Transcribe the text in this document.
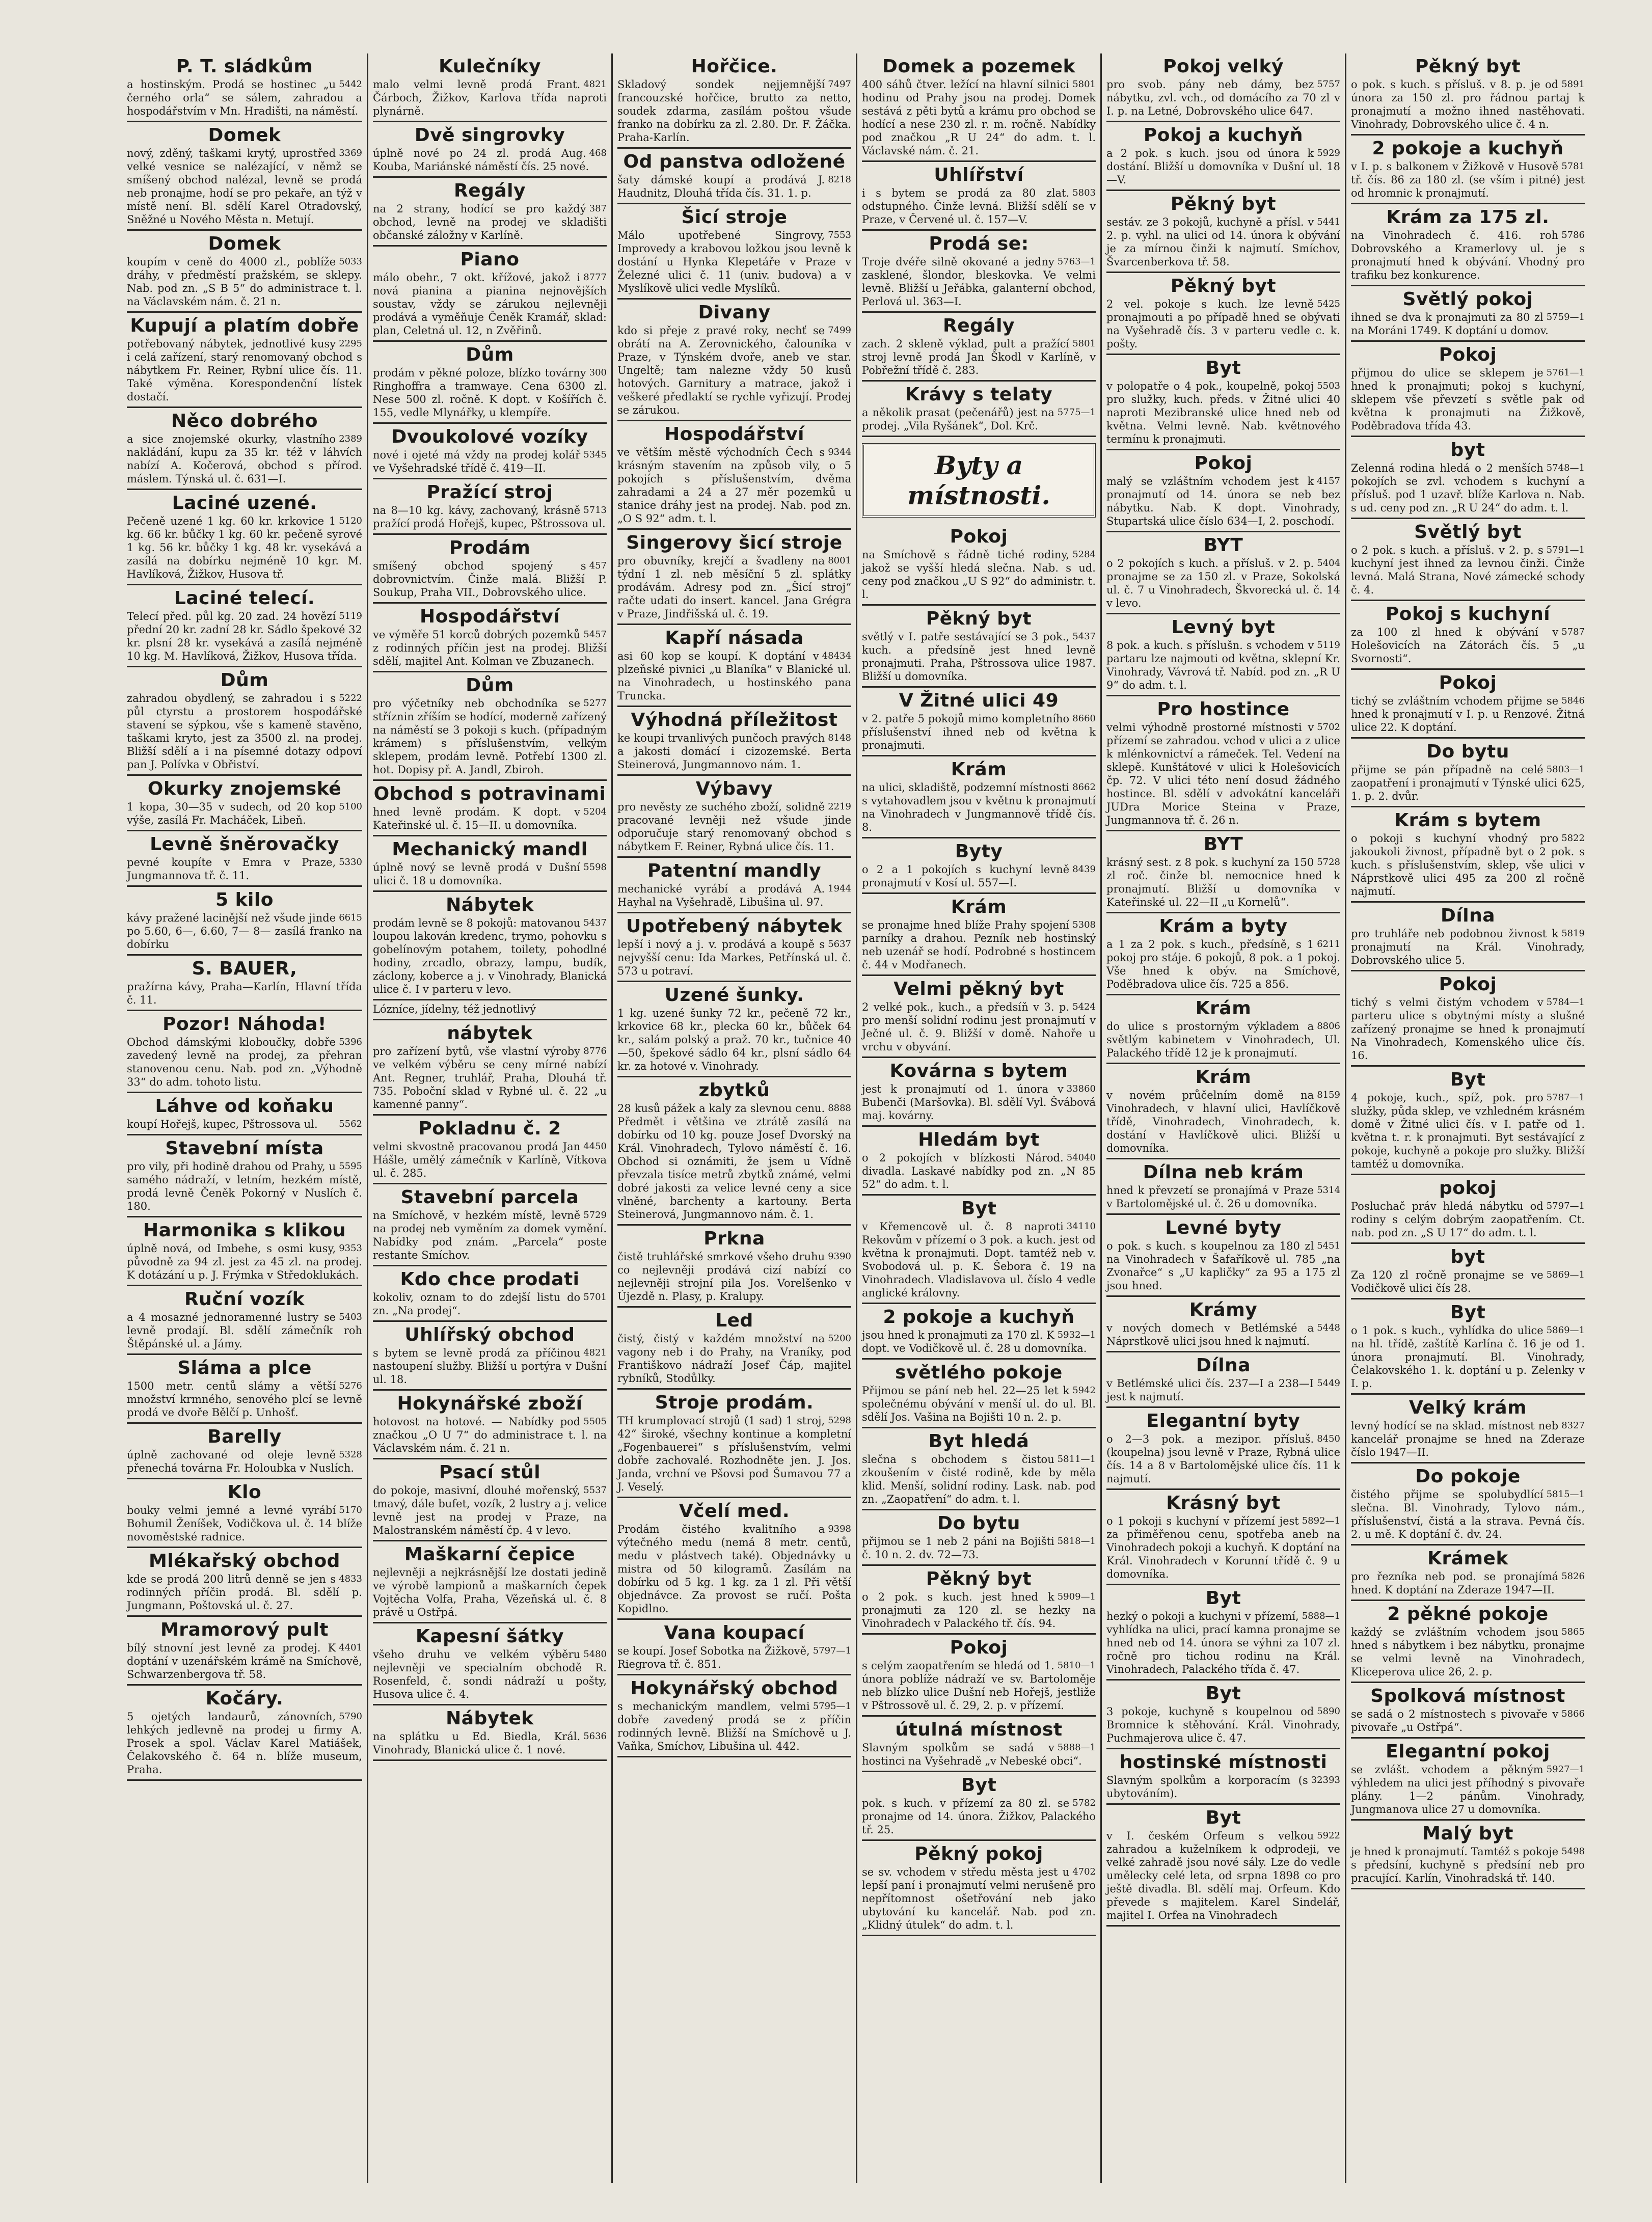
P. T. sládkům

5442
a hostinským. Prodá se hostinec „u černého orla“ se sálem, zahradou a hospodářstvím v Mn. Hradišti, na náměstí.

Domek

3369
nový, zděný, taškami krytý, uprostřed velké vesnice se nalézající, v němž se smíšený obchod nalézal, levně se prodá neb pronajme, hodí se pro pekaře, an týž v místě není. Bl. sdělí Karel Otradovský, Sněžné u Nového Města n. Metují.

Domek

5033
koupím v ceně do 4000 zl., poblíže dráhy, v předměstí pražském, se sklepy. Nab. pod zn. „S B 5“ do administrace t. l. na Václavském nám. č. 21 n.

Kupují a platím dobře

2295
potřebovaný nábytek, jednotlivé kusy i celá zařízení, starý renomovaný obchod s nábytkem Fr. Reiner, Rybní ulice čís. 11. Také výměna. Korespondenční lístek dostačí.

Něco dobrého

2389
a sice znojemské okurky, vlastního nakládání, kupu za 35 kr. též v láhvích nabízí A. Kočerová, obchod s přírod. máslem. Týnská ul. č. 631—I.

Laciné uzené.

5120
Pečeně uzené 1 kg. 60 kr. krkovice 1 kg. 66 kr. bůčky 1 kg. 60 kr. pečeně syrové 1 kg. 56 kr. bůčky 1 kg. 48 kr. vysekává a zasílá na dobírku nejméně 10 kgr. M. Havlíková, Žižkov, Husova tř.

Laciné telecí.

5119
Telecí před. půl kg. 20 zad. 24 hovězí přední 20 kr. zadní 28 kr. Sádlo špekové 32 kr. plsní 28 kr. vysekává a zasílá nejméně 10 kg. M. Havlíková, Žižkov, Husova třída.

Dům

5222
zahradou obydlený, se zahradou i s půl ctyrstu a prostorem hospodářské stavení se sýpkou, vše s kameně stavěno, taškami kryto, jest za 3500 zl. na prodej. Bližší sdělí a i na písemné dotazy odpoví pan J. Polívka v Obřiství.

Okurky znojemské

5100
1 kopa, 30—35 v sudech, od 20 kop výše, zasílá Fr. Macháček, Libeň.

Levně šněrovačky

5330
pevné koupíte v Emra v Praze, Jungmannova tř. č. 11.

5 kilo

6615
kávy pražené lacinější než všude jinde po 5.60, 6—, 6.60, 7— 8— zasílá franko na dobírku

S. BAUER,

pražírna kávy, Praha—Karlín, Hlavní třída č. 11.

Pozor! Náhoda!

5396
Obchod dámskými kloboučky, dobře zavedený levně na prodej, za přehran stanovenou cenu. Nab. pod zn. „Výhodně 33“ do adm. tohoto listu.

Láhve od koňaku

5562
koupí Hořejš, kupec, Pštrossova ul.

Stavební místa

5595
pro vily, při hodině drahou od Prahy, u samého nádraží, v letním, hezkém místě, prodá levně Čeněk Pokorný v Nuslích č. 180.

Harmonika s klikou

9353
úplně nová, od Imbehe, s osmi kusy, původně za 94 zl. jest za 45 zl. na prodej. K dotázání u p. J. Frýmka v Středoklukách.

Ruční vozík

5403
a 4 mosazné jednoramenné lustry se levně prodají. Bl. sdělí zámečník roh Štěpánské ul. a Jámy.

Sláma a plce

5276
1500 metr. centů slámy a větší množství krmného, senového plcí se levně prodá ve dvoře Bělčí p. Unhošť.

Barelly

5328
úplně zachované od oleje levně přenechá továrna Fr. Holoubka v Nuslích.

Klo

5170
bouky velmi jemné a levné vyrábí Bohumil Ženíšek, Vodičkova ul. č. 14 blíže novoměstské radnice.

Mlékařský obchod

4833
kde se prodá 200 litrů denně se jen s rodinných příčin prodá. Bl. sdělí p. Jungmann, Poštovská ul. č. 27.

Mramorový pult

4401
bílý stnovní jest levně za prodej. K doptání v uzenářském krámě na Smíchově, Schwarzenbergova tř. 58.

Kočáry.

5790
5 ojetých landaurů, zánovních, lehkých jedlevně na prodej u firmy A. Prosek a spol. Václav Karel Matiášek, Čelakovského č. 64 n. blíže museum, Praha.

Kulečníky

4821
malo velmi levně prodá Frant. Čárboch, Žižkov, Karlova třída naproti plynárně.

Dvě singrovky

468
úplně nové po 24 zl. prodá Aug. Kouba, Mariánské náměstí čís. 25 nové.

Regály

387
na 2 strany, hodící se pro každý obchod, levně na prodej ve skladišti občanské záložny v Karlíně.

Piano

8777
málo obehr., 7 okt. křížové, jakož i nová pianina a pianina nejnovějších soustav, vždy se zárukou nejlevněji prodává a vyměňuje Čeněk Kramář, sklad: plan, Celetná ul. 12, n Zvěřinů.

Dům

300
prodám v pěkné poloze, blízko továrny Ringhoffra a tramwaye. Cena 6300 zl. Nese 500 zl. ročně. K dopt. v Košířích č. 155, vedle Mlynářky, u klempíře.

Dvoukolové vozíky

5345
nové i ojeté má vždy na prodej kolář ve Vyšehradské třídě č. 419—II.

Pražící stroj

5713
na 8—10 kg. kávy, zachovaný, krásně pražící prodá Hořejš, kupec, Pštrossova ul.

Prodám

457
smíšený obchod spojený s dobrovnictvím. Činže malá. Bližší P. Soukup, Praha VII., Dobrovského ulice.

Hospodářství

5457
ve výměře 51 korců dobrých pozemků z rodinných příčin jest na prodej. Bližší sdělí, majitel Ant. Kolman ve Zbuzanech.

Dům

5277
pro výčetníky neb obchodníka se stříznin zříším se hodící, moderně zařízený na náměstí se 3 pokoji s kuch. (případným krámem) s příslušenstvím, velkým sklepem, prodám levně. Potřebí 1300 zl. hot. Dopisy př. A. Jandl, Zbiroh.

Obchod s potravinami

5204
hned levně prodám. K dopt. v Kateřinské ul. č. 15—II. u domovníka.

Mechanický mandl

5598
úplně nový se levně prodá v Dušní ulici č. 18 u domovníka.

Nábytek

5437
prodám levně se 8 pokojů: matovanou loupou lakován kredenc, trymo, pohovku s gobelínovým potahem, toilety, pohodlné hodiny, zrcadlo, obrazy, lampu, budík, záclony, koberce a j. v Vinohrady, Blanická ulice č. I v parteru v levo.

Lózníce, jídelny, též jednotlivý

nábytek

8776
pro zařízení bytů, vše vlastní výroby ve velkém výběru se ceny mírné nabízí Ant. Regner, truhlář, Praha, Dlouhá tř. 735. Poboční sklad v Rybné ul. č. 22 „u kamenné panny“.

Pokladnu č. 2

4450
velmi skvostně pracovanou prodá Jan Hášle, umělý zámečník v Karlíně, Vítkova ul. č. 285.

Stavební parcela

5729
na Smíchově, v hezkém místě, levně na prodej neb vyměním za domek vymění. Nabídky pod znám. „Parcela“ poste restante Smíchov.

Kdo chce prodati

5701
kokoliv, oznam to do zdejší listu do zn. „Na prodej“.

Uhlířský obchod

4821
s bytem se levně prodá za příčinou nastoupení služby. Bližší u portýra v Dušní ul. 18.

Hokynářské zboží

5505
hotovost na hotové. — Nabídky pod značkou „O U 7“ do administrace t. l. na Václavském nám. č. 21 n.

Psací stůl

5537
do pokoje, masivní, dlouhé mořenský, tmavý, dále bufet, vozík, 2 lustry a j. velice levně jest na prodej v Praze, na Malostranském náměstí čp. 4 v levo.

Maškarní čepice

nejlevněji a nejkrásnější lze dostati jedině ve výrobě lampionů a maškarních čepek Vojtěcha Volfa, Praha, Vězeňská ul. č. 8 právě u Ostřpá.

Kapesní šátky

5480
všeho druhu ve velkém výběru nejlevněji ve specialním obchodě R. Rosenfeld, č. sondi nádraží u pošty, Husova ulice č. 4.

Nábytek

5636
na splátku u Ed. Biedla, Král. Vinohrady, Blanická ulice č. 1 nové.

Hořčice.

7497
Skladový sondek nejjemnější francouzské hořčice, brutto za netto, soudek zdarma, zasílám poštou všude franko na dobírku za zl. 2.80. Dr. F. Žáčka. Praha-Karlín.

Od panstva odložené

8218
šaty dámské koupí a prodává J. Haudnitz, Dlouhá třída čís. 31. 1. p.

Šicí stroje

7553
Málo upotřebené Singrovy, Improvedy a krabovou ložkou jsou levně k dostání u Hynka Klepetáře v Praze v Železné ulici č. 11 (univ. budova) a v Myslíkově ulici vedle Myslíků.

Divany

7499
kdo si přeje z pravé roky, nechť se obrátí na A. Zerovnického, čalouníka v Praze, v Týnském dvoře, aneb ve star. Ungeltě; tam nalezne vždy 50 kusů hotových. Garnitury a matrace, jakož i veškeré předlaktí se rychle vyřizují. Prodej se zárukou.

Hospodářství

9344
ve větším městě východních Čech s krásným stavením na způsob vily, o 5 pokojích s příslušenstvím, dvěma zahradami a 24 a 27 měr pozemků u stanice dráhy jest na prodej. Nab. pod zn. „O S 92“ adm. t. l.

Singerovy šicí stroje

8001
pro obuvníky, krejčí a švadleny na týdní 1 zl. neb měsíční 5 zl. splátky prodávám. Adresy pod zn. „Šicí stroj“ račte udati do insert. kancel. Jana Grégra v Praze, Jindřišská ul. č. 19.

Kapří násada

48434
asi 60 kop se koupí. K doptání v plzeňské pivnici „u Blaníka“ v Blanické ul. na Vinohradech, u hostinského pana Truncka.

Výhodná příležitost

8148
ke koupi trvanlivých punčoch pravých a jakosti domácí i cizozemské. Berta Steinerová, Jungmannovo nám. 1.

Výbavy

2219
pro nevěsty ze suchého zboží, solidně pracované levněji než všude jinde odporučuje starý renomovaný obchod s nábytkem F. Reiner, Rybná ulice čís. 11.

Patentní mandly

1944
mechanické vyrábí a prodává A. Hayhal na Vyšehradě, Libušina ul. 97.

Upotřebený nábytek

5637
lepší i nový a j. v. prodává a koupě s nejvyšší cenu: Ida Markes, Petřínská ul. č. 573 u potraví.

Uzené šunky.

1 kg. uzené šunky 72 kr., pečeně 72 kr., krkovice 68 kr., plecka 60 kr., bůček 64 kr., salám polský a praž. 70 kr., tučnice 40—50, špekové sádlo 64 kr., plsní sádlo 64 kr. za hotové v. Vinohrady.

zbytků

8888
28 kusů pážek a kaly za slevnou cenu. Předmět i většina ve ztrátě zasílá na dobírku od 10 kg. pouze Josef Dvorský na Král. Vinohradech, Tylovo náměstí č. 16. Obchod si oznámiti, že jsem u Vídně převzala tisíce metrů zbytků známé, velmi dobré jakosti za velice levné ceny a sice vlněné, barchenty a kartouny. Berta Steinerová, Jungmannovo nám. č. 1.

Prkna

9390
čistě truhlářské smrkové všeho druhu co nejlevněji prodává cizí nabízí co nejlevněji strojní pila Jos. Vorelšenko v Újezdě n. Plasy, p. Kralupy.

Led

5200
čistý, čistý v každém množství na vagony neb i do Prahy, na Vraníky, pod Františkovo nádraží Josef Čáp, majitel rybníků, Stodůlky.

Stroje prodám.

5298
TH krumplovací strojů (1 sad) 1 stroj, 42“ široké, všechny kontinue a kompletní „Fogenbauerei“ s příslušenstvím, velmi dobře zachovalé. Rozhodněte jen. J. Jos. Janda, vrchní ve Pšovsi pod Šumavou 77 a J. Veselý.

Včelí med.

9398
Prodám čistého kvalitního a výtečného medu (nemá 8 metr. centů, medu v plástvech také). Objednávky u mistra od 50 kilogramů. Zasílám na dobírku od 5 kg. 1 kg. za 1 zl. Při větší objednávce. Za provost se ručí. Pošta Kopidlno.

Vana koupací

5797—1
se koupí. Josef Sobotka na Žižkově, Riegrova tř. č. 851.

Hokynářský obchod

5795—1
s mechanickým mandlem, velmi dobře zavedený prodá se z příčin rodinných levně. Bližší na Smíchově u J. Vaňka, Smíchov, Libušina ul. 442.

Domek a pozemek

5801
400 sáhů čtver. ležící na hlavní silnici hodinu od Prahy jsou na prodej. Domek sestává z pěti bytů a krámu pro obchod se hodící a nese 230 zl. r. m. ročně. Nabídky pod značkou „R U 24“ do adm. t. l. Václavské nám. č. 21.

Uhlířství

5803
i s bytem se prodá za 80 zlat. odstupného. Činže levná. Bližší sdělí se v Praze, v Červené ul. č. 157—V.

Prodá se:

5763—1
Troje dvéře silně okované a jedny zasklené, šlondor, bleskovka. Ve velmi levně. Bližší u Jeřábka, galanterní obchod, Perlová ul. 363—I.

Regály

5801
zach. 2 skleně výklad, pult a pražící stroj levně prodá Jan Škodl v Karlíně, v Pobřežní třídě č. 283.

Krávy s telaty

5775—1
a několik prasat (pečenářů) jest na prodej. „Vila Ryšánek“, Dol. Krč.

Byty a místnosti.
Pokoj

5284
na Smíchově s řádně tiché rodiny, jakož se vyšší hledá slečna. Nab. s ud. ceny pod značkou „U S 92“ do administr. t. l.

Pěkný byt

5437
světlý v I. patře sestávající se 3 pok., kuch. a předsíně jest hned levně pronajmuti. Praha, Pštrossova ulice 1987. Bližší u domovníka.

V Žitné ulici 49

8660
v 2. patře 5 pokojů mimo kompletního příslušenství ihned neb od května k pronajmuti.

Krám

8662
na ulici, skladiště, podzemní místnosti s vytahovadlem jsou v květnu k pronajmutí na Vinohradech v Jungmannově třídě čís. 8.

Byty

8439
o 2 a 1 pokojích s kuchyní levně pronajmutí v Kosí ul. 557—I.

Krám

5308
se pronajme hned blíže Prahy spojení parníky a drahou. Pezník neb hostinský neb uzenář se hodí. Podrobné s hostincem č. 44 v Modřanech.

Velmi pěkný byt

5424
2 velké pok., kuch., a předsíň v 3. p. pro menší solidní rodinu jest pronajmutí v Ječné ul. č. 9. Bližší v domě. Nahoře u vrchu v obyvání.

Kovárna s bytem

33860
jest k pronajmutí od 1. února v Bubenči (Maršovka). Bl. sdělí Vyl. Švábová maj. kovárny.

Hledám byt

54040
o 2 pokojích v blízkosti Národ. divadla. Laskavé nabídky pod zn. „N 85 52“ do adm. t. l.

Byt

34110
v Křemencově ul. č. 8 naproti Rekovům v přízemí o 3 pok. a kuch. jest od května k pronajmuti. Dopt. tamtéž neb v. Svobodová ul. p. K. Šebora č. 19 na Vinohradech. Vladislavova ul. číslo 4 vedle anglické královny.

2 pokoje a kuchyň

5932—1
jsou hned k pronajmuti za 170 zl. K dopt. ve Vodičkově ul. č. 28 u domovníka.

světlého pokoje

5942
Přijmou se pání neb hel. 22—25 let k společnému obývání v menší ul. do ul. Bl. sdělí Jos. Vašina na Bojišti 10 n. 2. p.

Byt hledá

5811—1
slečna s obchodem s čistou zkoušením v čisté rodině, kde by měla klid. Menší, solidní rodiny. Lask. nab. pod zn. „Zaopatření“ do adm. t. l.

Do bytu

5818—1
přijmou se 1 neb 2 páni na Bojišti č. 10 n. 2. dv. 72—73.

Pěkný byt

5909—1
o 2 pok. s kuch. jest hned k pronajmuti za 120 zl. se hezky na Vinohradech v Palackého tř. čís. 94.

Pokoj

5810—1
s celým zaopatřením se hledá od 1. února poblíže nádraží ve sv. Bartoloměje neb blízko ulice Dušní neb Hořejš, jestliže v Pštrossově ul. č. 29, 2. p. v přízemí.

útulná místnost

5888—1
Slavným spolkům se sadá v hostinci na Vyšehradě „v Nebeské obci“.

Byt

5782
pok. s kuch. v přízemí za 80 zl. se pronajme od 14. února. Žižkov, Palackého tř. 25.

Pěkný pokoj

4702
se sv. vchodem v středu města jest u lepší paní i pronajmutí velmi nerušeně pro nepřítomnost ošetřování neb jako ubytování ku kancelář. Nab. pod zn. „Klidný útulek“ do adm. t. l.

Pokoj velký

5757
pro svob. pány neb dámy, bez nábytku, zvl. vch., od domácího za 70 zl v I. p. na Letné, Dobrovského ulice 647.

Pokoj a kuchyň

5929
a 2 pok. s kuch. jsou od února k dostání. Bližší u domovníka v Dušní ul. 18—V.

Pěkný byt

5441
sestáv. ze 3 pokojů, kuchyně a přísl. v 2. p. vyhl. na ulici od 14. února k obývání je za mírnou činži k najmutí. Smíchov, Švarcenberkova tř. 58.

Pěkný byt

5425
2 vel. pokoje s kuch. lze levně pronajmouti a po případě hned se obývati na Vyšehradě čís. 3 v parteru vedle c. k. pošty.

Byt

5503
v polopatře o 4 pok., koupelně, pokoj pro služky, kuch. předs. v Žitné ulici 40 naproti Mezibranské ulice hned neb od května. Velmi levně. Nab. květnového termínu k pronajmuti.

Pokoj

4157
malý se vzláštním vchodem jest k pronajmutí od 14. února se neb bez nábytku. Nab. K dopt. Vinohrady, Stupartská ulice číslo 634—I, 2. poschodí.

BYT

5404
o 2 pokojích s kuch. a přísluš. v 2. p. pronajme se za 150 zl. v Praze, Sokolská ul. č. 7 u Vinohradech, Škvorecká ul. č. 14 v levo.

Levný byt

5119
8 pok. a kuch. s příslušn. s vchodem v partaru lze najmouti od května, sklepní Kr. Vinohrady, Vávrová tř. Nabíd. pod zn. „R U 9“ do adm. t. l.

Pro hostince

5702
velmi výhodně prostorné místnosti v přízemí se zahradou. vchod v ulici a z ulice k mlénkovnictví a rámeček. Tel. Vedení na sklepě. Kunštátové v ulici k Holešovicích čp. 72. V ulici této není dosud žádného hostince. Bl. sdělí v advokátní kanceláři JUDra Morice Steina v Praze, Jungmannova tř. č. 26 n.

BYT

5728
krásný sest. z 8 pok. s kuchyní za 150 zl roč. činže bl. nemocnice hned k pronajmutí. Bližší u domovníka v Kateřinské ul. 22—II „u Kornelů“.

Krám a byty

6211
a 1 za 2 pok. s kuch., předsíně, s 1 pokoj pro stáje. 6 pokojů, 8 pok. a 1 pokoj. Vše hned k obýv. na Smíchově, Poděbradova ulice čís. 725 a 856.

Krám

8806
do ulice s prostorným výkladem a světlým kabinetem v Vinohradech, Ul. Palackého třídě 12 je k pronajmutí.

Krám

8159
v novém průčelním domě na Vinohradech, v hlavní ulici, Havlíčkově třídě, Vinohradech, Vinohradech, k. dostání v Havlíčkově ulici. Bližší u domovníka.

Dílna neb krám

5314
hned k převzetí se pronajímá v Praze v Bartolomějské ul. č. 26 u domovníka.

Levné byty

5451
o pok. s kuch. s koupelnou za 180 zl na Vinohradech v Šafaříkově ul. 785 „na Zvonařce“ s „U kapličky“ za 95 a 175 zl jsou hned.

Krámy

5448
v nových domech v Betlémské a Náprstkově ulici jsou hned k najmutí.

Dílna

5449
v Betlémské ulici čís. 237—I a 238—I jest k najmutí.

Elegantní byty

8450
o 2—3 pok. a mezipor. přísluš. (koupelna) jsou levně v Praze, Rybná ulice čís. 14 a 8 v Bartolomějské ulice čís. 11 k najmutí.

Krásný byt

5892—1
o 1 pokoji s kuchyní v přízemí jest za přiměřenou cenu, spotřeba aneb na Vinohradech pokoji a kuchyň. K doptání na Král. Vinohradech v Korunní třídě č. 9 u domovníka.

Byt

5888—1
hezký o pokoji a kuchyni v přízemí, vyhlídka na ulici, prací kamna pronajme se hned neb od 14. února se výhni za 107 zl. ročně pro tichou rodinu na Král. Vinohradech, Palackého třída č. 47.

Byt

5890
3 pokoje, kuchyně s koupelnou od Bromnice k stěhování. Král. Vinohrady, Puchmajerova ulice č. 47.

hostinské místnosti

32393
Slavným spolkům a korporacím (s ubytováním).

Byt

5922
v I. českém Orfeum s velkou zahradou a kuželníkem k odprodeji, ve velké zahradě jsou nové sály. Lze do vedle umělecky celé leta, od srpna 1898 co pro ještě divadla. Bl. sdělí maj. Orfeum. Kdo převede s majitelem. Karel Sindelář, majitel I. Orfea na Vinohradech

Pěkný byt

5891
o pok. s kuch. s přísluš. v 8. p. je od února za 150 zl. pro řádnou partaj k pronajmutí a možno ihned nastěhovati. Vinohrady, Dobrovského ulice č. 4 n.

2 pokoje a kuchyň

5781
v I. p. s balkonem v Žižkově v Husově tř. čís. 86 za 180 zl. (se vším i pitné) jest od hromnic k pronajmutí.

Krám za 175 zl.

5786
na Vinohradech č. 416. roh Dobrovského a Kramerlovy ul. je s pronajmutí hned k obývání. Vhodný pro trafiku bez konkurence.

Světlý pokoj

5759—1
ihned se dva k pronajmuti za 80 zl na Moráni 1749. K doptání u domov.

Pokoj

5761—1
přijmou do ulice se sklepem je hned k pronajmuti; pokoj s kuchyní, sklepem vše převzetí s světle pak od května k pronajmuti na Žižkově, Poděbradova třída 43.

byt

5748—1
Zelenná rodina hledá o 2 menších pokojích se zvl. vchodem s kuchyní a přísluš. pod 1 uzavř. blíže Karlova n. Nab. s ud. ceny pod zn. „R U 24“ do adm. t. l.

Světlý byt

5791—1
o 2 pok. s kuch. a přísluš. v 2. p. s kuchyní jest ihned za levnou činži. Činže levná. Malá Strana, Nové zámecké schody č. 4.

Pokoj s kuchyní

5787
za 100 zl hned k obývání v Holešovicích na Zátorách čís. 5 „u Svornosti“.

Pokoj

5846
tichý se zvláštním vchodem přijme se hned k pronajmutí v I. p. u Renzové. Žitná ulice 22. K doptání.

Do bytu

5803—1
přijme se pán případně na celé zaopatření i pronajmutí v Týnské ulici 625, 1. p. 2. dvůr.

Krám s bytem

5822
o pokoji s kuchyní vhodný pro jakoukoli živnost, případně byt o 2 pok. s kuch. s příslušenstvím, sklep, vše ulici v Náprstkově ulici 495 za 200 zl ročně najmutí.

Dílna

5819
pro truhláře neb podobnou živnost k pronajmutí na Král. Vinohrady, Dobrovského ulice 5.

Pokoj

5784—1
tichý s velmi čistým vchodem v parteru ulice s obytnými místy a slušné zařízený pronajme se hned k pronajmutí Na Vinohradech, Komenského ulice čís. 16.

Byt

5787—1
4 pokoje, kuch., spíž, pok. pro služky, půda sklep, ve vzhledném krásném domě v Žitné ulici čís. v I. patře od 1. května t. r. k pronajmuti. Byt sestávající z pokoje, kuchyně a pokoje pro služky. Bližší tamtéž u domovníka.

pokoj

5797—1
Posluchač práv hledá nábytku od rodiny s celým dobrým zaopatřením. Ct. nab. pod zn. „S U 17“ do adm. t. l.

byt

5869—1
Za 120 zl ročně pronajme se ve Vodičkově ulici čís 28.

Byt

5869—1
o 1 pok. s kuch., vyhlídka do ulice na hl. třídě, zaštítě Karlína č. 16 je od 1. února pronajmutí. Bl. Vinohrady, Čelakovského 1. k. doptání u p. Zelenky v I. p.

Velký krám

8327
levný hodící se na sklad. místnost neb kancelář pronajme se hned na Zderaze číslo 1947—II.

Do pokoje

5815—1
čistého přijme se spolubydlící slečna. Bl. Vinohrady, Tylovo nám., příslušenství, čistá a la strava. Pevná čís. 2. u mě. K doptání č. dv. 24.

Krámek

5826
pro řezníka neb pod. se pronajímá hned. K doptání na Zderaze 1947—II.

2 pěkné pokoje

5865
každý se zvláštním vchodem jsou hned s nábytkem i bez nábytku, pronajme se velmi levně na Vinohradech, Kliceperova ulice 26, 2. p.

Spolková místnost

5866
se sadá o 2 místnostech s pivovaře v pivovaře „u Ostřpá“.

Elegantní pokoj

5927—1
se zvlášt. vchodem a pěkným výhledem na ulici jest příhodný s pivovaře plány. 1—2 pánům. Vinohrady, Jungmanova ulice 27 u domovníka.

Malý byt

5498
je hned k pronajmutí. Tamtéž s pokoje s předsíní, kuchyně s předsíní neb pro pracující. Karlín, Vinohradská tř. 140.
